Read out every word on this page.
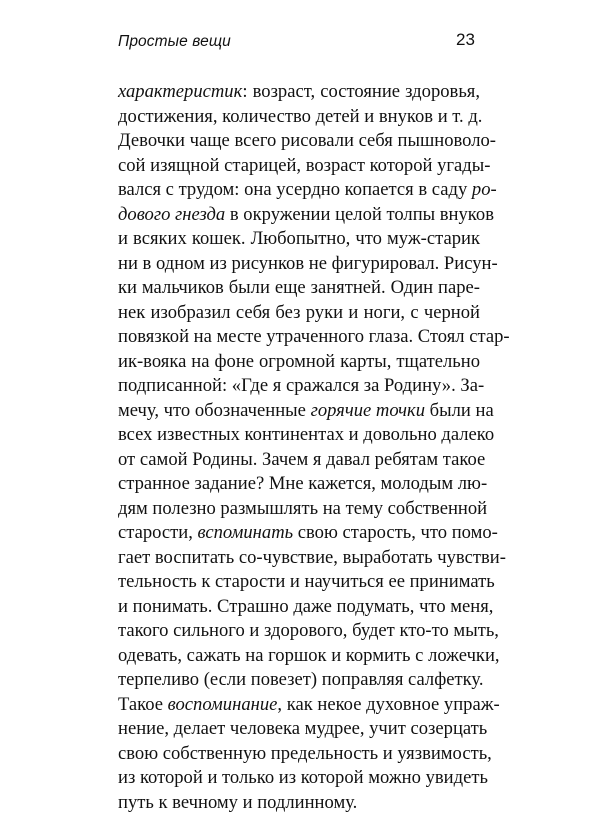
Простые вещи	23
характеристик: возраст, состояние здоровья,
достижения, количество детей и внуков и т. д.
Девочки чаще всего рисовали себя пышноволо-
сой изящной старицей, возраст которой угады-
вался с трудом: она усердно копается в саду ро-
дового гнезда в окружении целой толпы внуков
и всяких кошек. Любопытно, что муж-старик
ни в одном из рисунков не фигурировал. Рисун-
ки мальчиков были еще занятней. Один паре-
нек изобразил себя без руки и ноги, с черной
повязкой на месте утраченного глаза. Стоял стар-
ик-вояка на фоне огромной карты, тщательно
подписанной: «Где я сражался за Родину». За-
мечу, что обозначенные горячие точки были на
всех известных континентах и довольно далеко
от самой Родины. Зачем я давал ребятам такое
странное задание? Мне кажется, молодым лю-
дям полезно размышлять на тему собственной
старости, вспоминать свою старость, что помо-
гает воспитать со-чувствие, выработать чувстви-
тельность к старости и научиться ее принимать
и понимать. Страшно даже подумать, что меня,
такого сильного и здорового, будет кто-то мыть,
одевать, сажать на горшок и кормить с ложечки,
терпеливо (если повезет) поправляя салфетку.
Такое воспоминание, как некое духовное упраж-
нение, делает человека мудрее, учит созерцать
свою собственную предельность и уязвимость,
из которой и только из которой можно увидеть
путь к вечному и подлинному.
